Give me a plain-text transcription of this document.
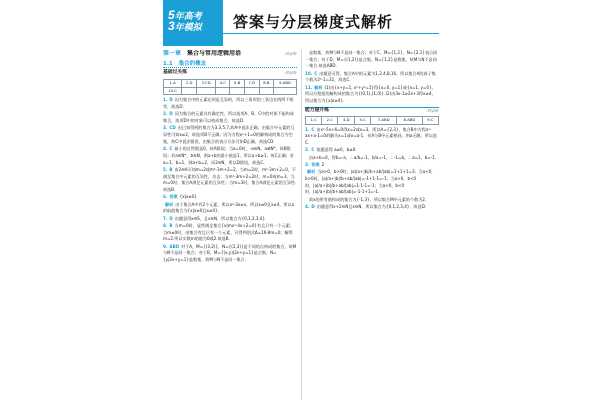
5年高考
3年模拟 答案与分层梯度式解析
第一章 集合与常用逻辑用语	·对点练·
1.1 集合的概念
基础过关练	·对点练·
1.A	2.D	3.CD	4.C	5.B	7.D	8.B	9.ABD
10.C							
1. D 因为集合中的元素必须是互异的，所以三角形的三条边长两两不相等，故选D.
2. D 因为集合的元素具有确定性，所以选项A、B、C中的对象不能构成集合，选项D中的对象可以构成集合，故选D.
3. CD 由已知得到的集合为3,3,5,7,故A中说法正确；由集合中元素的互异性可知x≠2，故选项B不正确；因为方程x²+1=0的解构成的集合为空集，故C中说法错误，由集合的表示方法可知D正确，故选CD.
4. C 最小的自然数是0，故A错误；当a=0时，-a∈N，a∉N*，故B错误；若a∈N*，b∈N，则a+b的最小值是1，所以a+b≥1，故C正确；若a=1，b=1，则a+b=2，而2∈N，所以D错误，故选C.
5. B 由2∈A可知m=2或m²-3m+2=2，当m=2时，m²-3m+2=0，不满足集合中元素的互异性，舍去；当m²-3m+2=2时，m=0或m=3，当m=0时，集合A满足元素的互异性；当m=3时，集合A满足元素的互异性.故选B.
6. 答案 {x|x≠0}
解析 由于集合A中有2个元素，所以x²-3x≠x，所以x≠0且x≠4，所以x的取值集合为{x|x≠0且x≠4}.
7. D 由题意得x∈S，且x∈N，所以集合为{0,1,2,3,4}.
8. B 当m=0时，显然满足集合{x|mx²-4x+2=0}有且只有一个元素；当m≠0时，由集合有且只有一个元素，可得判别式Δ=16-8m=0，解得m=2.所以实数m的值为0或2.故选B.
9. ABD 对于A，M={(3,2)}，N={(2,3)}是不同的点构成的集合，故M与N不是同一集合；对于B，M={(x,y)|2x+y=1}是点集，N={y|2x+y=1}是数集，故M与N不是同一集合.
是数集，故M与N不是同一集合；对于C，M={1,2}，N={2,1}表示同一集合；对于D，M={(1,2)}是点集，N={1,2}是数集，故M与N不是同一集合.故选ABD.
10. C 由题意可得，集合A中的元素为1,2,4,8,16，所以集合A的真子集个数为2⁵-1=31，故选C.
11. 解析 (1)由{x+y=1, x²+y²=1}得{x=0, y=1}或{x=1, y=0}，所以方程组的解构成的集合为{(0,1),(1,0)}.(2)由3x-1≥2x+3得x≥4，所以集合为{x|x≥4}.
能力提升练	·对点练·
1.C	2.C	4.D	5.C	7.ABD	8.ABD	9.C
1. C 由x²-5x+6=0得x=2或x=3，所以A={2,3}，集合B中方程x²-ax+a-1=0的解为x=1或x=a-1，若A与B中元素相同，则a无解，所以选C.
2. C 依题意得 a≠0，b≠0.
由a+b=0，得b=-a，∴ a/b=-1，b/a=-1，∴ -1=b，∴ a=1，b=-1.
3. 答案 2
解析 当a>0，b>0时，|a|/a+|b|/b+ab/|ab|=1+1+1=3；当a<0，b>0时，|a|/a+|b|/b+ab/|ab|=-1+1-1=-1；当a>0，b<0时，|a|/a+|b|/b+ab/|ab|=1-1-1=-1；当a<0，b<0时，|a|/a+|b|/b+ab/|ab|=-1-1+1=-1.
故x的所有值构成的集合为{-1,3}，所以集合M中元素的个数为2.
4. D 由题意得x+2∈N且x∈N，所以集合为{0,1,2,3,4}，故选D.
